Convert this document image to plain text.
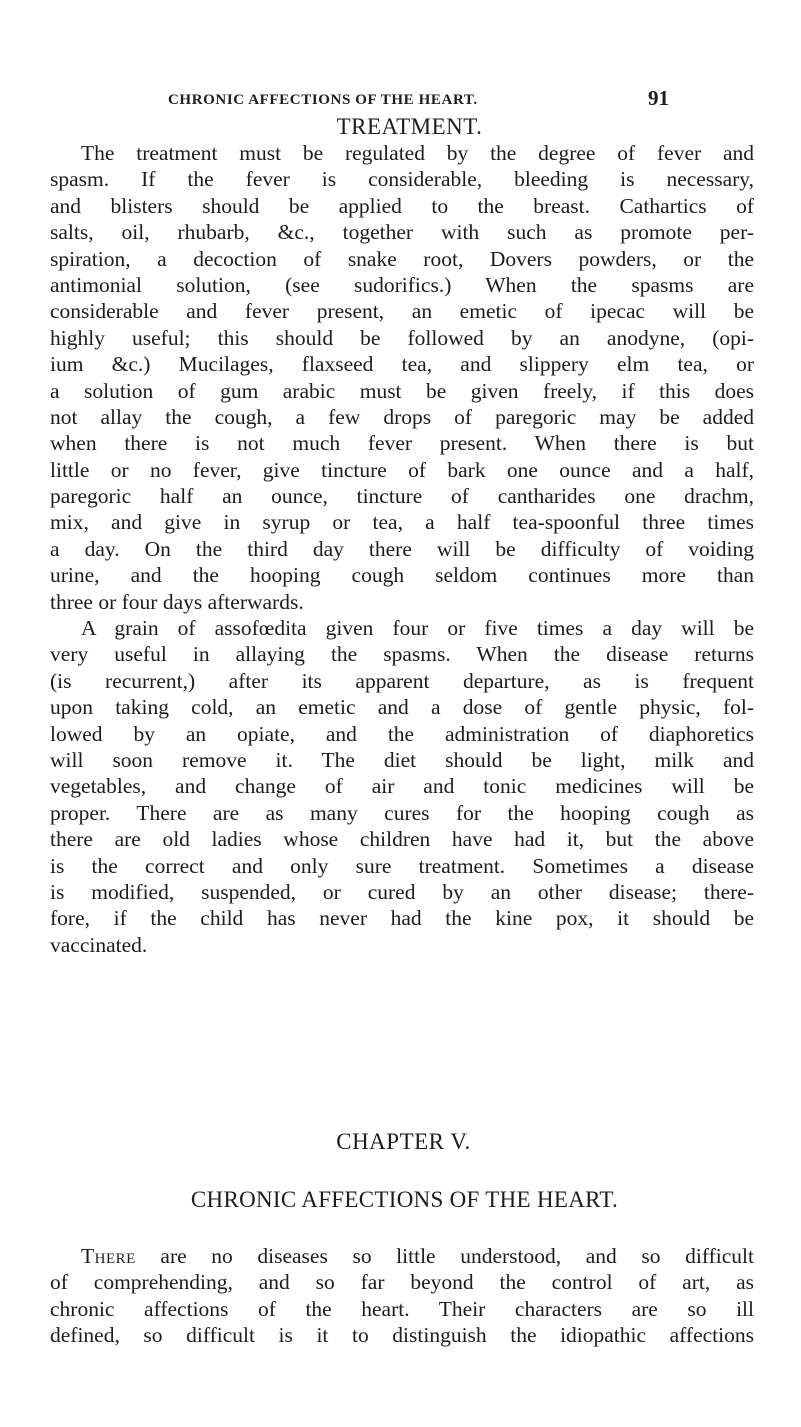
CHRONIC AFFECTIONS OF THE HEART.	91
TREATMENT.
The treatment must be regulated by the degree of fever and
spasm. If the fever is considerable, bleeding is necessary,
and blisters should be applied to the breast. Cathartics of
salts, oil, rhubarb, &c., together with such as promote per-
spiration, a decoction of snake root, Dovers powders, or the
antimonial solution, (see sudorifics.) When the spasms are
considerable and fever present, an emetic of ipecac will be
highly useful; this should be followed by an anodyne, (opi-
ium &c.) Mucilages, flaxseed tea, and slippery elm tea, or
a solution of gum arabic must be given freely, if this does
not allay the cough, a few drops of paregoric may be added
when there is not much fever present. When there is but
little or no fever, give tincture of bark one ounce and a half,
paregoric half an ounce, tincture of cantharides one drachm,
mix, and give in syrup or tea, a half tea-spoonful three times
a day. On the third day there will be difficulty of voiding
urine, and the hooping cough seldom continues more than
three or four days afterwards.
A grain of assofœdita given four or five times a day will be
very useful in allaying the spasms. When the disease returns
(is recurrent,) after its apparent departure, as is frequent
upon taking cold, an emetic and a dose of gentle physic, fol-
lowed by an opiate, and the administration of diaphoretics
will soon remove it. The diet should be light, milk and
vegetables, and change of air and tonic medicines will be
proper. There are as many cures for the hooping cough as
there are old ladies whose children have had it, but the above
is the correct and only sure treatment. Sometimes a disease
is modified, suspended, or cured by an other disease; there-
fore, if the child has never had the kine pox, it should be
vaccinated.
CHAPTER V.
CHRONIC AFFECTIONS OF THE HEART.
There are no diseases so little understood, and so difficult
of comprehending, and so far beyond the control of art, as
chronic affections of the heart. Their characters are so ill
defined, so difficult is it to distinguish the idiopathic affections
